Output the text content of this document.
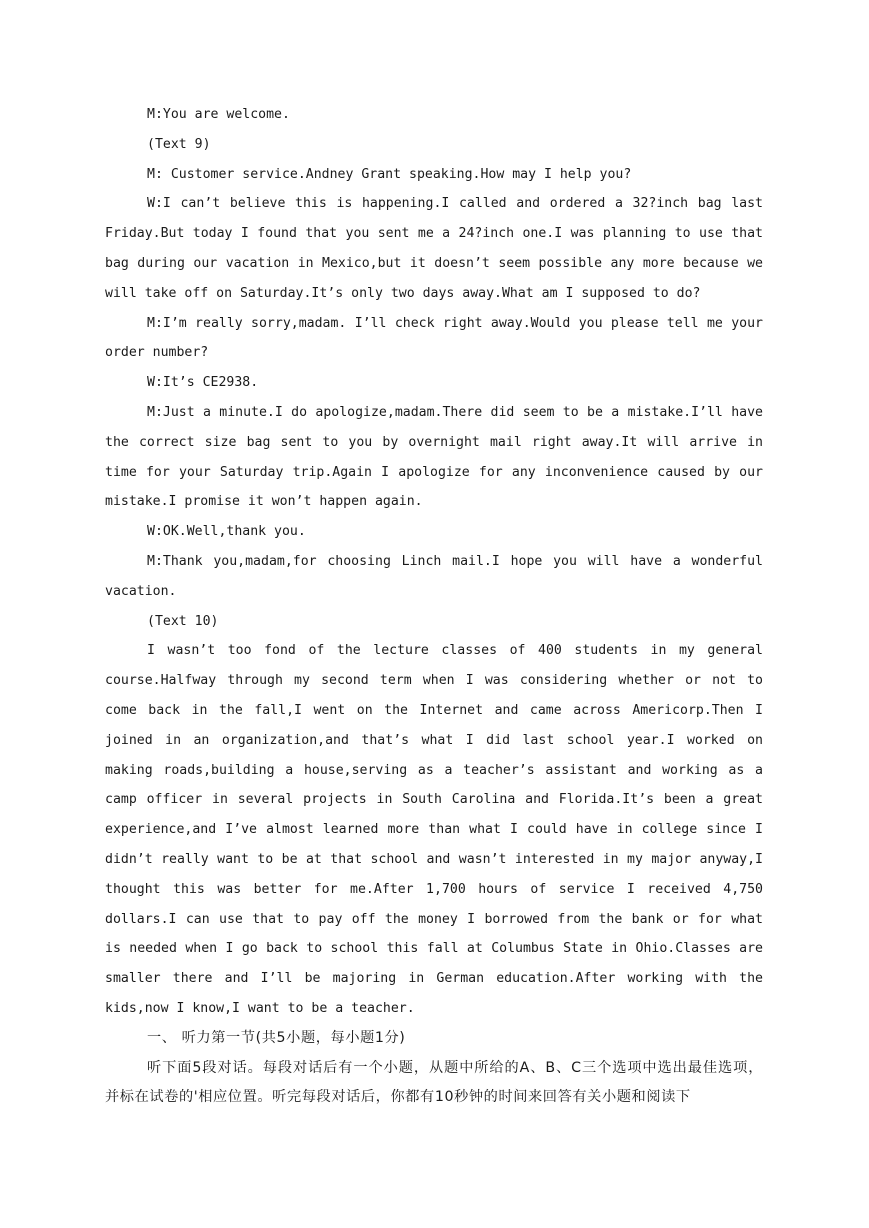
M:You are welcome.

(Text 9)

M: Customer service.Andney Grant speaking.How may I help you?

W:I can’t believe this is happening.I called and ordered a 32?inch bag last Friday.But today I found that you sent me a 24?inch one.I was planning to use that bag during our vacation in Mexico,but it doesn’t seem possible any more because we will take off on Saturday.It’s only two days away.What am I supposed to do?

M:I’m really sorry,madam. I’ll check right away.Would you please tell me your order number?

W:It’s CE2938.

M:Just a minute.I do apologize,madam.There did seem to be a mistake.I’ll have the correct size bag sent to you by overnight mail right away.It will arrive in time for your Saturday trip.Again I apologize for any inconvenience caused by our mistake.I promise it won’t happen again.

W:OK.Well,thank you.

M:Thank you,madam,for choosing Linch mail.I hope you will have a wonderful vacation.

(Text 10)

I wasn’t too fond of the lecture classes of 400 students in my general course.Halfway through my second term when I was considering whether or not to come back in the fall,I went on the Internet and came across Americorp.Then I joined in an organization,and that’s what I did last school year.I worked on making roads,building a house,serving as a teacher’s assistant and working as a camp officer in several projects in South Carolina and Florida.It’s been a great experience,and I’ve almost learned more than what I could have in college since I didn’t really want to be at that school and wasn’t interested in my major anyway,I thought this was better for me.After 1,700 hours of service I received 4,750 dollars.I can use that to pay off the money I borrowed from the bank or for what is needed when I go back to school this fall at Columbus State in Ohio.Classes are smaller there and I’ll be majoring in German education.After working with the kids,now I know,I want to be a teacher.

一、 听力第一节(共5小题，每小题1分)

听下面5段对话。每段对话后有一个小题，从题中所给的A、B、C三个选项中选出最佳选项，并标在试卷的'相应位置。听完每段对话后，你都有10秒钟的时间来回答有关小题和阅读下
